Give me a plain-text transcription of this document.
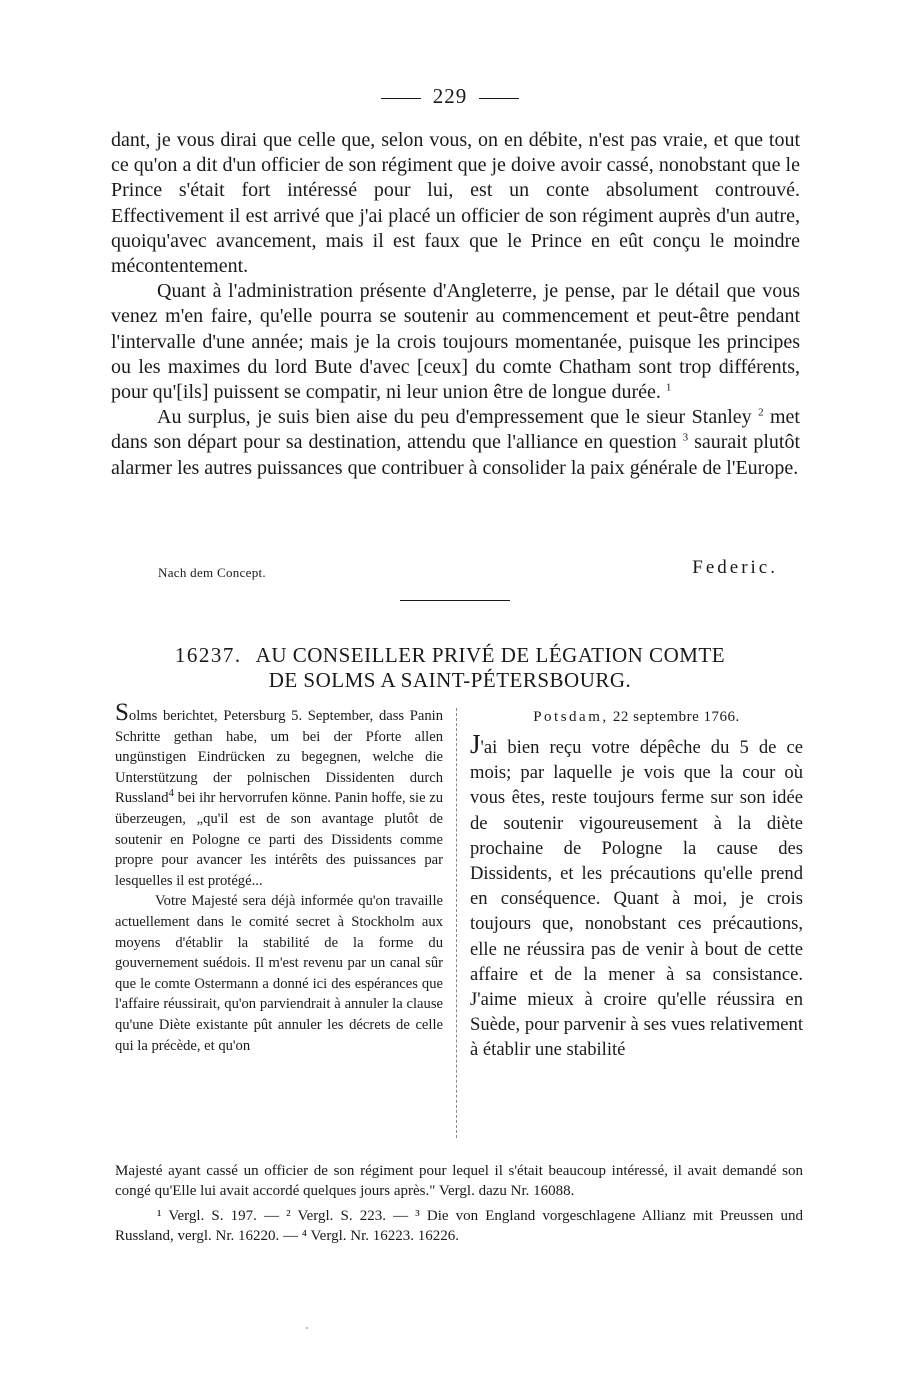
229

dant, je vous dirai que celle que, selon vous, on en débite, n'est pas vraie, et que tout ce qu'on a dit d'un officier de son régiment que je doive avoir cassé, nonobstant que le Prince s'était fort intéressé pour lui, est un conte absolument controuvé. Effectivement il est arrivé que j'ai placé un officier de son régiment auprès d'un autre, quoiqu'avec avancement, mais il est faux que le Prince en eût conçu le moindre mécontentement.

Quant à l'administration présente d'Angleterre, je pense, par le détail que vous venez m'en faire, qu'elle pourra se soutenir au commencement et peut-être pendant l'intervalle d'une année; mais je la crois toujours momentanée, puisque les principes ou les maximes du lord Bute d'avec [ceux] du comte Chatham sont trop différents, pour qu'[ils] puissent se compatir, ni leur union être de longue durée. $^1$

Au surplus, je suis bien aise du peu d'empressement que le sieur Stanley $^2$ met dans son départ pour sa destination, attendu que l'alliance en question $^3$ saurait plutôt alarmer les autres puissances que contribuer à consolider la paix générale de l'Europe.

Nach dem Concept.	Federic.
16237. AU CONSEILLER PRIVÉ DE LÉGATION COMTE
DE SOLMS A SAINT-PÉTERSBOURG.

Solms berichtet, Petersburg 5. September, dass Panin Schritte gethan habe, um bei der Pforte allen ungünstigen Eindrücken zu begegnen, welche die Unterstützung der polnischen Dissidenten durch Russland$^4$ bei ihr hervorrufen könne. Panin hoffe, sie zu überzeugen, „qu'il est de son avantage plutôt de soutenir en Pologne ce parti des Dissidents comme propre pour avancer les intérêts des puissances par lesquelles il est protégé...

Votre Majesté sera déjà informée qu'on travaille actuellement dans le comité secret à Stockholm aux moyens d'établir la stabilité de la forme du gouvernement suédois. Il m'est revenu par un canal sûr que le comte Ostermann a donné ici des espérances que l'affaire réussirait, qu'on parviendrait à annuler la clause qu'une Diète existante pût annuler les décrets de celle qui la précède, et qu'on

Potsdam, 22 septembre 1766.
J'ai bien reçu votre dépêche du 5 de ce mois; par laquelle je vois que la cour où vous êtes, reste toujours ferme sur son idée de soutenir vigoureusement à la diète prochaine de Pologne la cause des Dissidents, et les précautions qu'elle prend en conséquence. Quant à moi, je crois toujours que, nonobstant ces précautions, elle ne réussira pas de venir à bout de cette affaire et de la mener à sa consistance. J'aime mieux à croire qu'elle réussira en Suède, pour parvenir à ses vues relativement à établir une stabilité

Majesté ayant cassé un officier de son régiment pour lequel il s'était beaucoup intéressé, il avait demandé son congé qu'Elle lui avait accordé quelques jours après." Vergl. dazu Nr. 16088.

¹ Vergl. S. 197. — ² Vergl. S. 223. — ³ Die von England vorgeschlagene Allianz mit Preussen und Russland, vergl. Nr. 16220. — ⁴ Vergl. Nr. 16223. 16226.
